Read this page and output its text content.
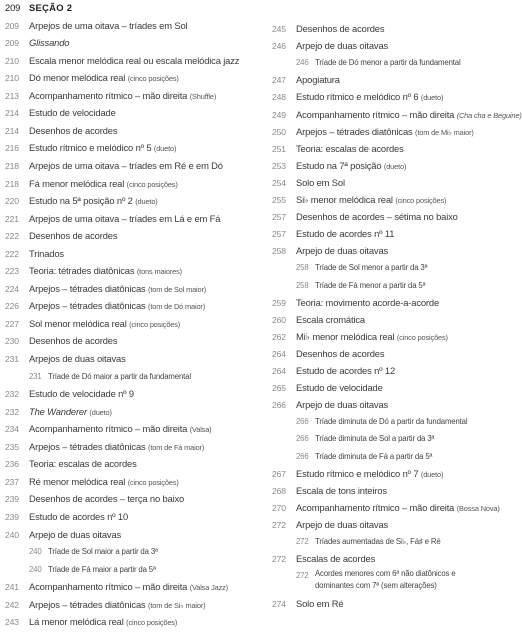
209 SEÇÃO 2
209	Arpejos de uma oitava – tríades em Sol
209	Glissando
210	Escala menor melódica real ou escala melódica jazz
210	Dó menor melódica real (cinco posições)
213	Acompanhamento rítmico – mão direita (Shuffle)
214	Estudo de velocidade
214	Desenhos de acordes
216	Estudo rítmico e melódico nº 5 (dueto)
218	Arpejos de uma oitava – tríades em Ré e em Dó
218	Fá menor melódica real (cinco posições)
220	Estudo na 5ª posição nº 2 (dueto)
221	Arpejos de uma oitava – tríades em Lá e em Fá
222	Desenhos de acordes
222	Trinados
223	Teoria: tétrades diatônicas (tons maiores)
224	Arpejos – tétrades diatônicas (tom de Sol maior)
226	Arpejos – tétrades diatônicas (tom de Dó maior)
227	Sol menor melódica real (cinco posições)
230	Desenhos de acordes
231	Arpejos de duas oitavas
231 Tríade de Dó maior a partir da fundamental
232	Estudo de velocidade nº 9
232	The Wanderer (dueto)
234	Acompanhamento rítmico – mão direita (Valsa)
235	Arpejos – tétrades diatônicas (tom de Fá maior)
236	Teoria: escalas de acordes
237	Ré menor melódica real (cinco posições)
239	Desenhos de acordes – terça no baixo
239	Estudo de acordes nº 10
240	Arpejo de duas oitavas
240 Tríade de Sol maior a partir da 3ª
240 Tríade de Fá maior a partir da 5ª
241	Acompanhamento rítmico – mão direita (Valsa Jazz)
242	Arpejos – tétrades diatônicas (tom de Si♭ maior)
243	Lá menor melódica real (cinco posições)
245	Desenhos de acordes
246	Arpejo de duas oitavas
246 Tríade de Dó menor a partir da fundamental
247	Apogiatura
248	Estudo rítmico e melódico nº 6 (dueto)
249	Acompanhamento rítmico – mão direita (Cha cha e Beguine)
250	Arpejos – tétrades diatônicas (tom de Mi♭ maior)
251	Teoria: escalas de acordes
253	Estudo na 7ª posição (dueto)
254	Solo em Sol
255	Si♭ menor melódica real (cinco posições)
257	Desenhos de acordes – sétima no baixo
257	Estudo de acordes nº 11
258	Arpejo de duas oitavas
258 Tríade de Sol menor a partir da 3ª
258 Tríade de Fá menor a partir da 5ª
259	Teoria: movimento acorde-a-acorde
260	Escala cromática
262	Mi♭ menor melódica real (cinco posições)
264	Desenhos de acordes
264	Estudo de acordes nº 12
265	Estudo de velocidade
266	Arpejo de duas oitavas
266 Tríade diminuta de Dó a partir da fundamental
266 Tríade diminuta de Sol a partir da 3ª
266 Tríade diminuta de Fá a partir da 5ª
267	Estudo rítmico e melódico nº 7 (dueto)
268	Escala de tons inteiros
270	Acompanhamento rítmico – mão direita (Bossa Nova)
272	Arpejo de duas oitavas
272 Tríades aumentadas de Si♭, Fá♯ e Ré
272	Escalas de acordes
272 Acordes menores com 6ª não diatônicos e dominantes com 7ª (sem alterações)
274	Solo em Ré
